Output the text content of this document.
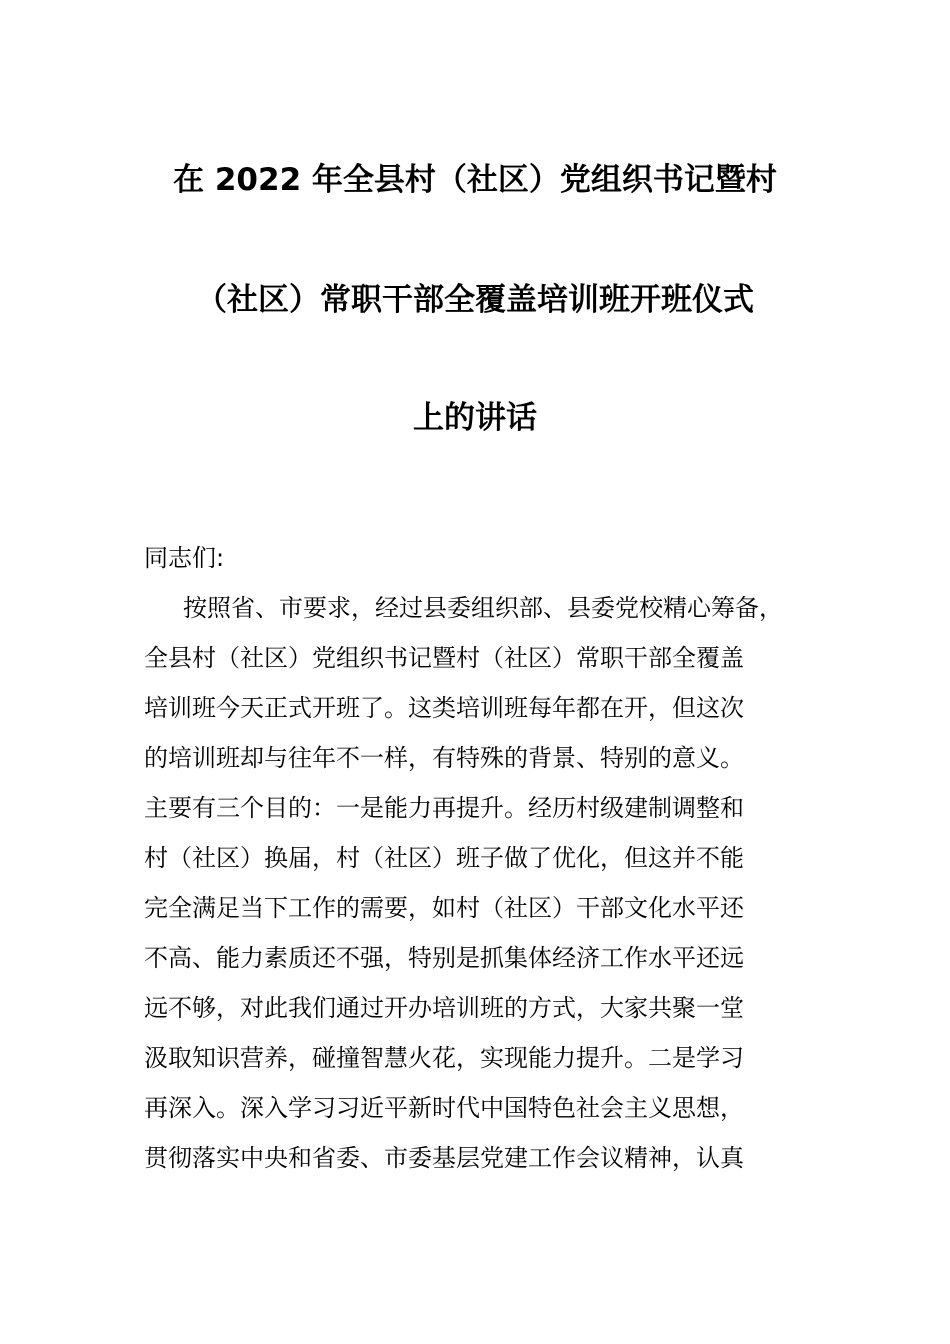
在 2022 年全县村（社区）党组织书记暨村
（社区）常职干部全覆盖培训班开班仪式
上的讲话
同志们:
按照省、市要求，经过县委组织部、县委党校精心筹备，
全县村（社区）党组织书记暨村（社区）常职干部全覆盖
培训班今天正式开班了。这类培训班每年都在开，但这次
的培训班却与往年不一样，有特殊的背景、特别的意义。
主要有三个目的：一是能力再提升。经历村级建制调整和
村（社区）换届，村（社区）班子做了优化，但这并不能
完全满足当下工作的需要，如村（社区）干部文化水平还
不高、能力素质还不强，特别是抓集体经济工作水平还远
远不够，对此我们通过开办培训班的方式，大家共聚一堂
汲取知识营养，碰撞智慧火花，实现能力提升。二是学习
再深入。深入学习习近平新时代中国特色社会主义思想，
贯彻落实中央和省委、市委基层党建工作会议精神，认真
